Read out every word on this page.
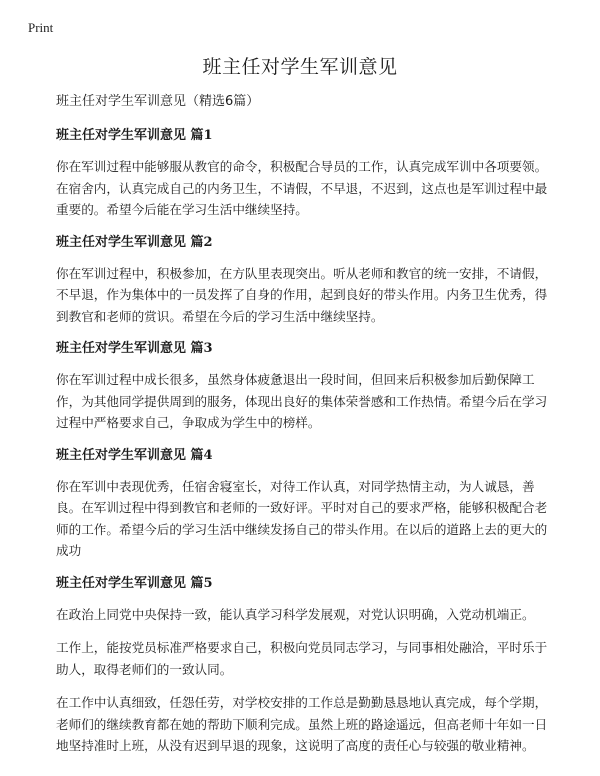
Print
班主任对学生军训意见

班主任对学生军训意见（精选6篇）

班主任对学生军训意见 篇1

你在军训过程中能够服从教官的命令，积极配合导员的工作，认真完成军训中各项要领。在宿舍内，认真完成自己的内务卫生，不请假，不早退，不迟到，这点也是军训过程中最重要的。希望今后能在学习生活中继续坚持。

班主任对学生军训意见 篇2

你在军训过程中，积极参加，在方队里表现突出。听从老师和教官的统一安排，不请假，不早退，作为集体中的一员发挥了自身的作用，起到良好的带头作用。内务卫生优秀，得到教官和老师的赏识。希望在今后的学习生活中继续坚持。

班主任对学生军训意见 篇3

你在军训过程中成长很多，虽然身体疲惫退出一段时间，但回来后积极参加后勤保障工作，为其他同学提供周到的服务，体现出良好的集体荣誉感和工作热情。希望今后在学习过程中严格要求自己，争取成为学生中的榜样。

班主任对学生军训意见 篇4

你在军训中表现优秀，任宿舍寝室长，对待工作认真，对同学热情主动，为人诚恳，善良。在军训过程中得到教官和老师的一致好评。平时对自己的要求严格，能够积极配合老师的工作。希望今后的学习生活中继续发扬自己的带头作用。在以后的道路上去的更大的成功

班主任对学生军训意见 篇5

在政治上同党中央保持一致，能认真学习科学发展观，对党认识明确，入党动机端正。

工作上，能按党员标准严格要求自己，积极向党员同志学习，与同事相处融洽，平时乐于助人，取得老师们的一致认同。

在工作中认真细致，任怨任劳，对学校安排的工作总是勤勤恳恳地认真完成，每个学期，老师们的继续教育都在她的帮助下顺利完成。虽然上班的路途遥远，但高老师十年如一日地坚持准时上班，从没有迟到早退的现象，这说明了高度的责任心与较强的敬业精神。
